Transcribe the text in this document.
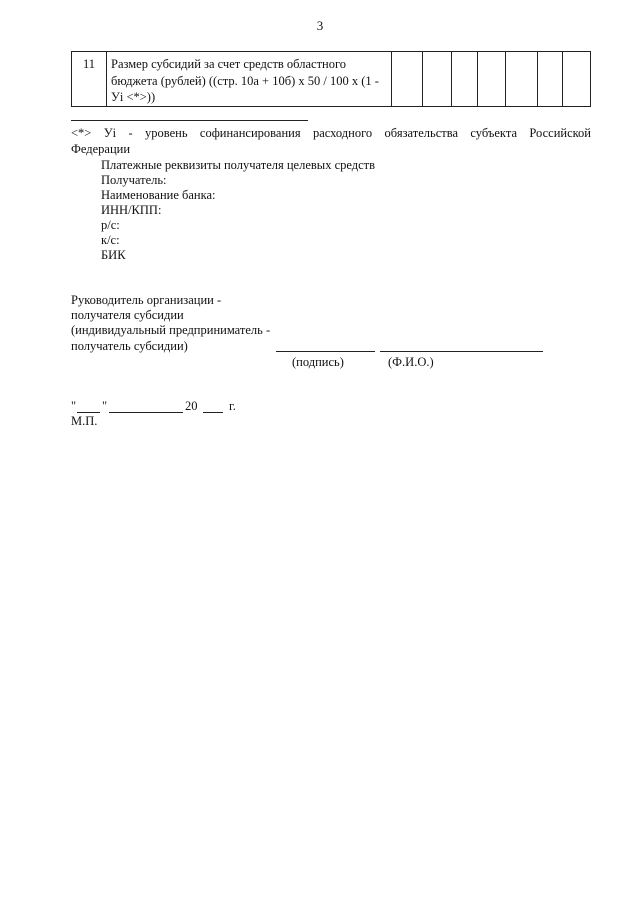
3
11	Размер субсидий за счет средств областного бюджета (рублей) ((стр. 10а + 10б) x 50 / 100 x (1 - Уi <*>))								
<*> Уi - уровень софинансирования расходного обязательства субъекта Российской
Федерации
Платежные реквизиты получателя целевых средств
Получатель:
Наименование банка:
ИНН/КПП:
р/с:
к/с:
БИК
Руководитель организации -
получателя субсидии
(индивидуальный предприниматель -
получатель субсидии)
(подпись)	(Ф.И.О.)
" "	20	г.
М.П.
